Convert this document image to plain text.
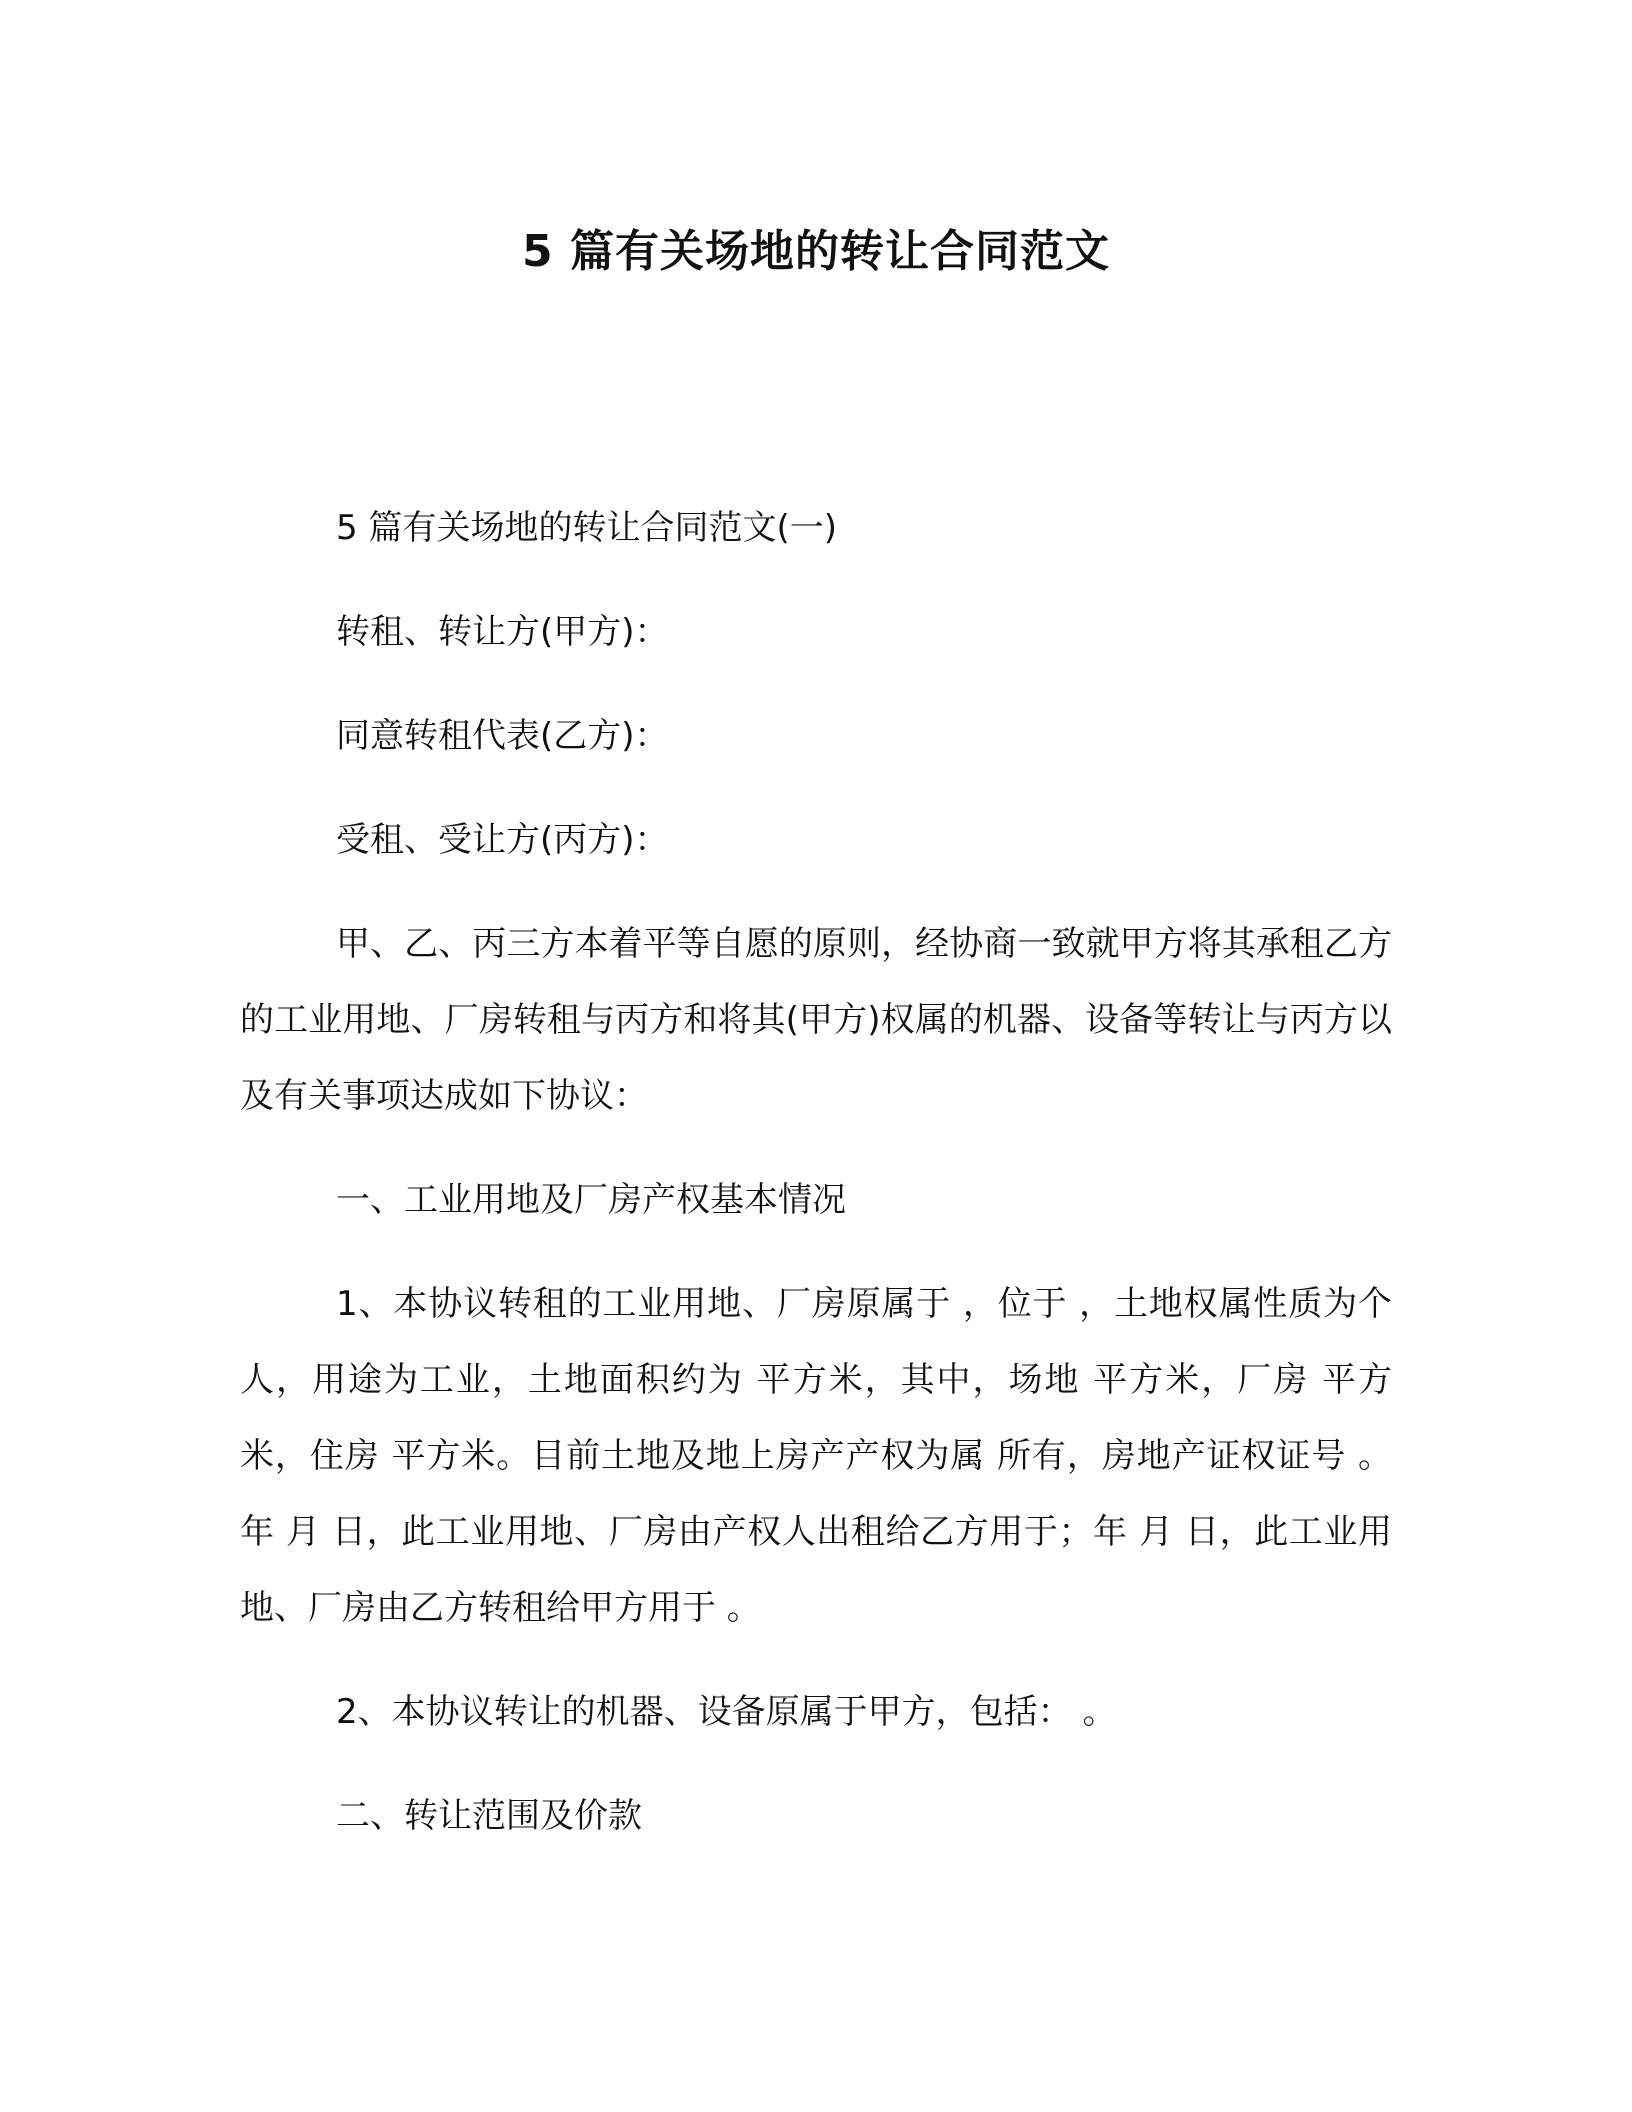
5 篇有关场地的转让合同范文

5 篇有关场地的转让合同范文(一)

转租、转让方(甲方)：

同意转租代表(乙方)：

受租、受让方(丙方)：

甲、乙、丙三方本着平等自愿的原则，经协商一致就甲方将其承租乙方的工业用地、厂房转租与丙方和将其(甲方)权属的机器、设备等转让与丙方以及有关事项达成如下协议：

一、工业用地及厂房产权基本情况

1、本协议转租的工业用地、厂房原属于 ，位于 ，土地权属性质为个人，用途为工业，土地面积约为 平方米，其中，场地 平方米，厂房 平方米，住房 平方米。目前土地及地上房产产权为属 所有，房地产证权证号 。 年 月 日，此工业用地、厂房由产权人出租给乙方用于；年 月 日，此工业用地、厂房由乙方转租给甲方用于 。

2、本协议转让的机器、设备原属于甲方，包括： 。

二、转让范围及价款
